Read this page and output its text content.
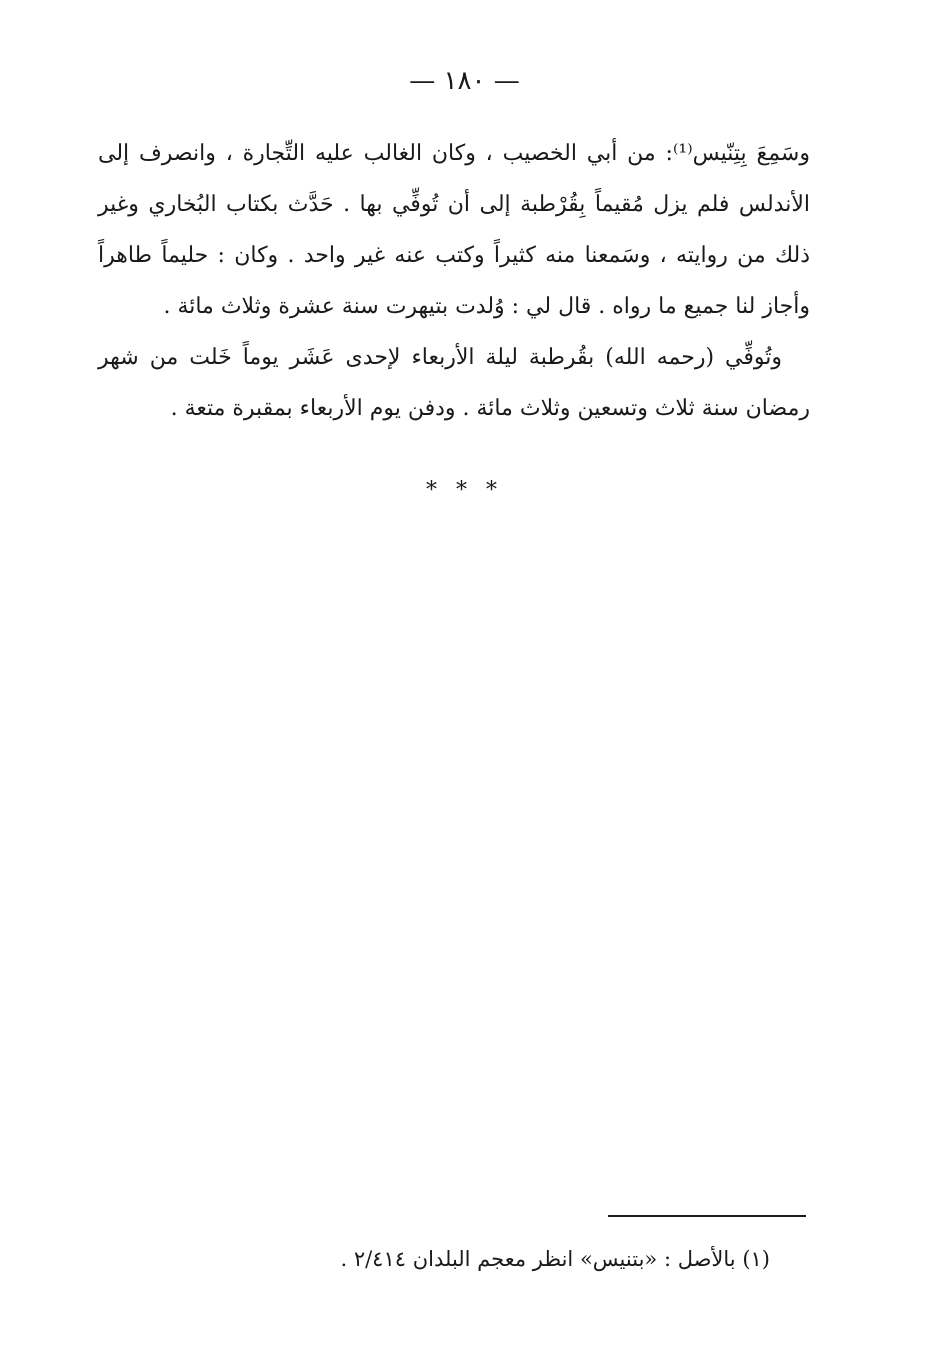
— ١٨٠ —

وسَمِعَ بِتِنّيس⁽¹⁾: من أبي الخصيب ، وكان الغالب عليه التِّجارة ، وانصرف إلى الأندلس فلم يزل مُقيماً بِقُرْطبة إلى أن تُوفِّي بها . حَدَّث بكتاب البُخاري وغير ذلك من روايته ، وسَمعنا منه كثيراً وكتب عنه غير واحد . وكان : حليماً طاهراً وأجاز لنا جميع ما رواه . قال لي : وُلدت بتيهرت سنة عشرة وثلاث مائة .

وتُوفِّي (رحمه الله) بقُرطبة ليلة الأربعاء لإحدى عَشَر يوماً خَلت من شهر رمضان سنة ثلاث وتسعين وثلاث مائة . ودفن يوم الأربعاء بمقبرة متعة .

* * *
(١) بالأصل : «بتنيس» انظر معجم البلدان ٢/٤١٤ .
